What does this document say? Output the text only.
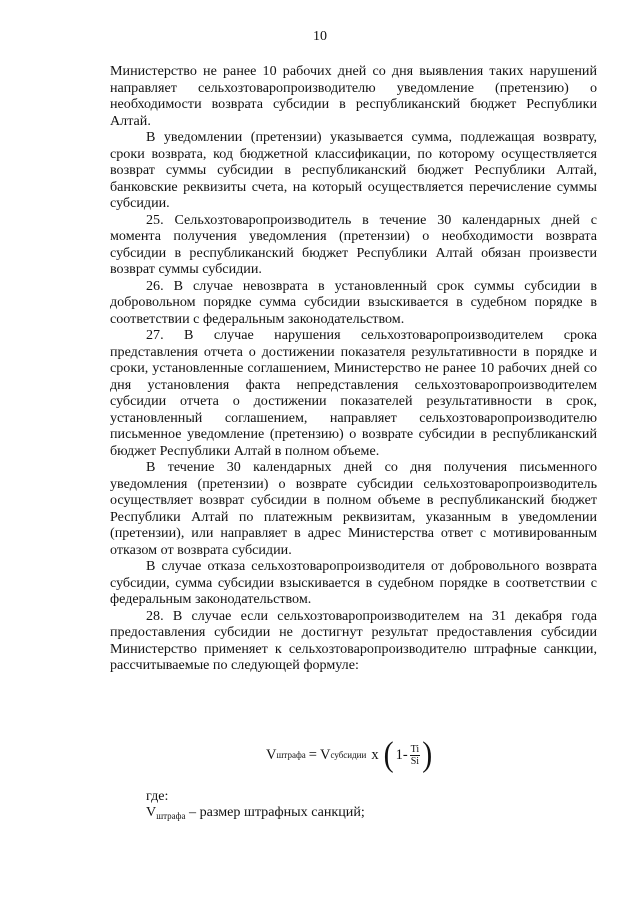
10

Министерство не ранее 10 рабочих дней со дня выявления таких нарушений направляет сельхозтоваропроизводителю уведомление (претензию) о необходимости возврата субсидии в республиканский бюджет Республики Алтай.

В уведомлении (претензии) указывается сумма, подлежащая возврату, сроки возврата, код бюджетной классификации, по которому осуществляется возврат суммы субсидии в республиканский бюджет Республики Алтай, банковские реквизиты счета, на который осуществляется перечисление суммы субсидии.

25. Сельхозтоваропроизводитель в течение 30 календарных дней с момента получения уведомления (претензии) о необходимости возврата субсидии в республиканский бюджет Республики Алтай обязан произвести возврат суммы субсидии.

26. В случае невозврата в установленный срок суммы субсидии в добровольном порядке сумма субсидии взыскивается в судебном порядке в соответствии с федеральным законодательством.

27. В случае нарушения сельхозтоваропроизводителем срока представления отчета о достижении показателя результативности в порядке и сроки, установленные соглашением, Министерство не ранее 10 рабочих дней со дня установления факта непредставления сельхозтоваропроизводителем субсидии отчета о достижении показателей результативности в срок, установленный соглашением, направляет сельхозтоваропроизводителю письменное уведомление (претензию) о возврате субсидии в республиканский бюджет Республики Алтай в полном объеме.

В течение 30 календарных дней со дня получения письменного уведомления (претензии) о возврате субсидии сельхозтоваропроизводитель осуществляет возврат субсидии в полном объеме в республиканский бюджет Республики Алтай по платежным реквизитам, указанным в уведомлении (претензии), или направляет в адрес Министерства ответ с мотивированным отказом от возврата субсидии.

В случае отказа сельхозтоваропроизводителя от добровольного возврата субсидии, сумма субсидии взыскивается в судебном порядке в соответствии с федеральным законодательством.

28. В случае если сельхозтоваропроизводителем на 31 декабря года предоставления субсидии не достигнут результат предоставления субсидии Министерство применяет к сельхозтоваропроизводителю штрафные санкции, рассчитываемые по следующей формуле:

V штрафа = V субсидии x ( $1- \frac{Ti}{Si}$ )
где:
$V_{штрафа}$ – размер штрафных санкций;
